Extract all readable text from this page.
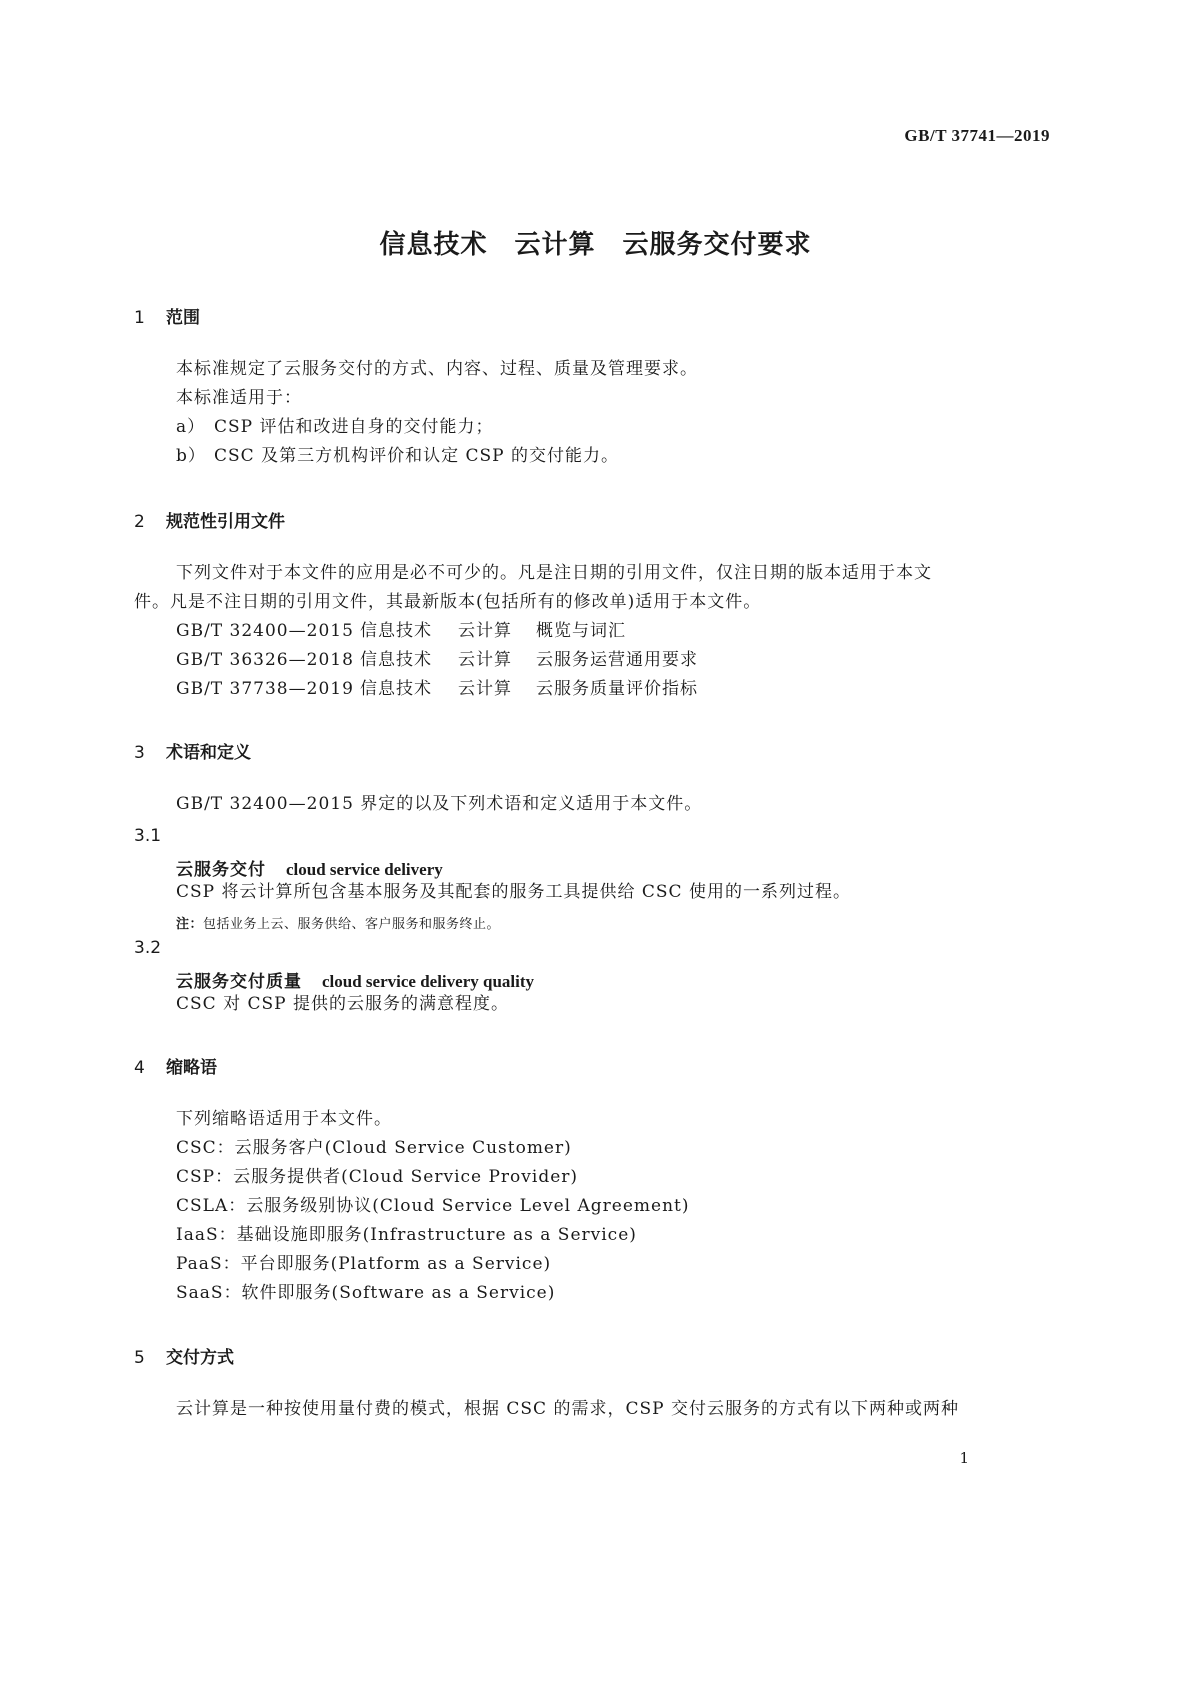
GB/T 37741—2019
信息技术　云计算　云服务交付要求
1 范围
本标准规定了云服务交付的方式、内容、过程、质量及管理要求。
本标准适用于：
a） CSP 评估和改进自身的交付能力；
b） CSC 及第三方机构评价和认定 CSP 的交付能力。
2 规范性引用文件
下列文件对于本文件的应用是必不可少的。凡是注日期的引用文件，仅注日期的版本适用于本文
件。凡是不注日期的引用文件，其最新版本(包括所有的修改单)适用于本文件。
GB/T 32400—2015 信息技术 云计算 概览与词汇
GB/T 36326—2018 信息技术 云计算 云服务运营通用要求
GB/T 37738—2019 信息技术 云计算 云服务质量评价指标
3 术语和定义
GB/T 32400—2015 界定的以及下列术语和定义适用于本文件。
3.1
云服务交付 cloud service delivery
CSP 将云计算所包含基本服务及其配套的服务工具提供给 CSC 使用的一系列过程。
注：包括业务上云、服务供给、客户服务和服务终止。
3.2
云服务交付质量 cloud service delivery quality
CSC 对 CSP 提供的云服务的满意程度。
4 缩略语
下列缩略语适用于本文件。
CSC：云服务客户(Cloud Service Customer)
CSP：云服务提供者(Cloud Service Provider)
CSLA：云服务级别协议(Cloud Service Level Agreement)
IaaS：基础设施即服务(Infrastructure as a Service)
PaaS：平台即服务(Platform as a Service)
SaaS：软件即服务(Software as a Service)
5 交付方式
云计算是一种按使用量付费的模式，根据 CSC 的需求，CSP 交付云服务的方式有以下两种或两种
1
